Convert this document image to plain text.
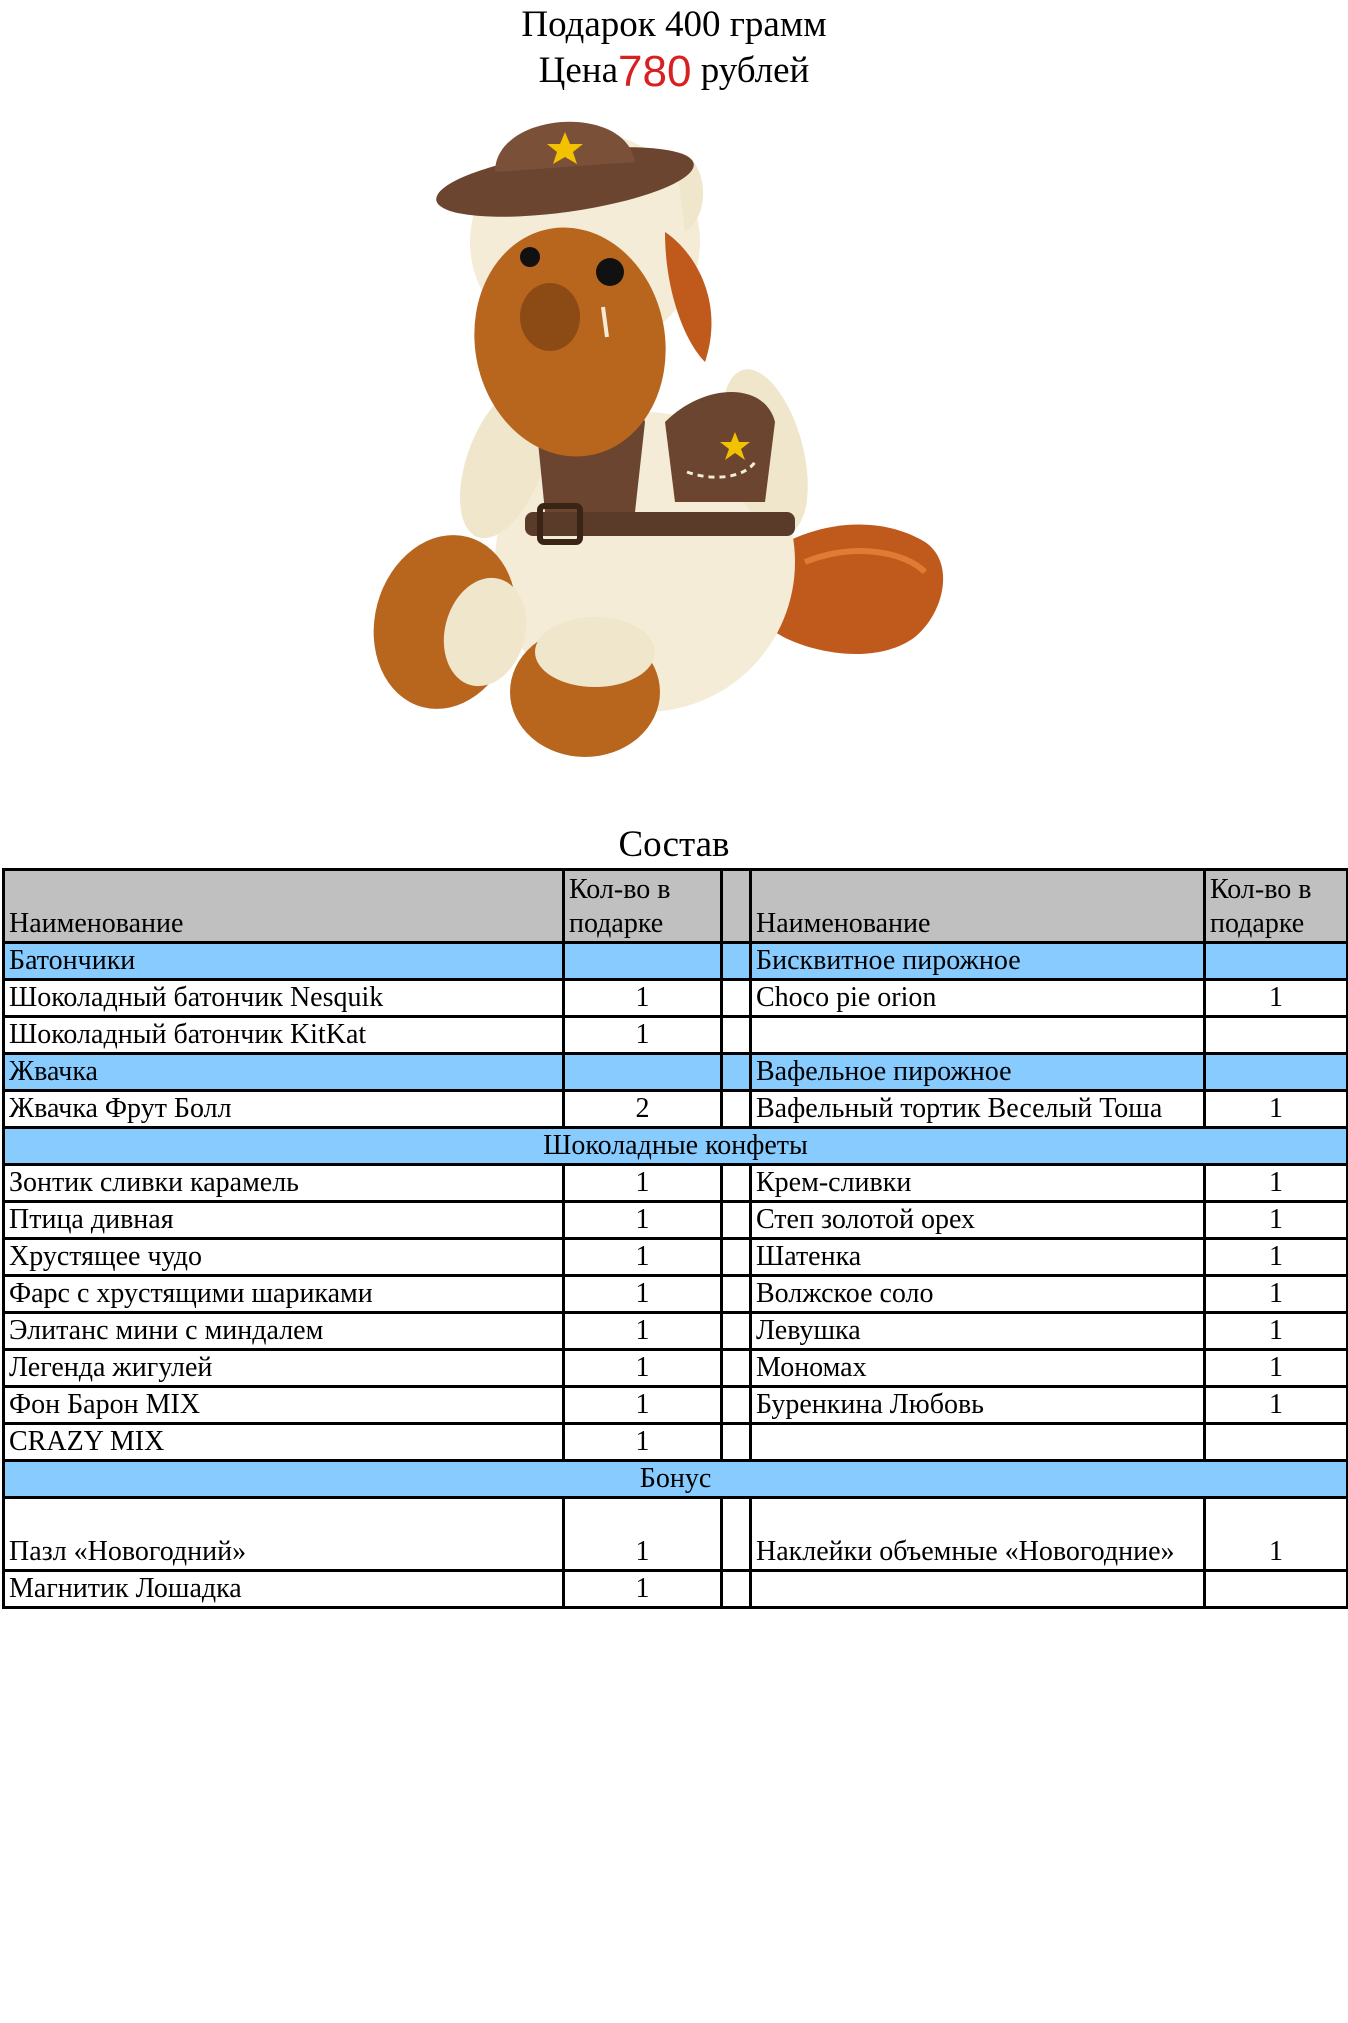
Подарок 400 грамм
Цена780 рублей
Состав
Наименование	Кол-во в подарке		Наименование	Кол-во в подарке
Батончики			Бисквитное пирожное	
Шоколадный батончик Nesquik	1		Choco pie orion	1
Шоколадный батончик KitKat	1			
Жвачка			Вафельное пирожное	
Жвачка Фрут Болл	2		Вафельный тортик Веселый Тоша	1
Шоколадные конфеты				
Зонтик сливки карамель	1		Крем-сливки	1
Птица дивная	1		Степ золотой орех	1
Хрустящее чудо	1		Шатенка	1
Фарс с хрустящими шариками	1		Волжское соло	1
Элитанс мини с миндалем	1		Левушка	1
Легенда жигулей	1		Мономах	1
Фон Барон MIX	1		Буренкина Любовь	1
CRAZY MIX	1			
Бонус				
Пазл «Новогодний»	1		Наклейки объемные «Новогодние»	1
Магнитик Лошадка	1			
